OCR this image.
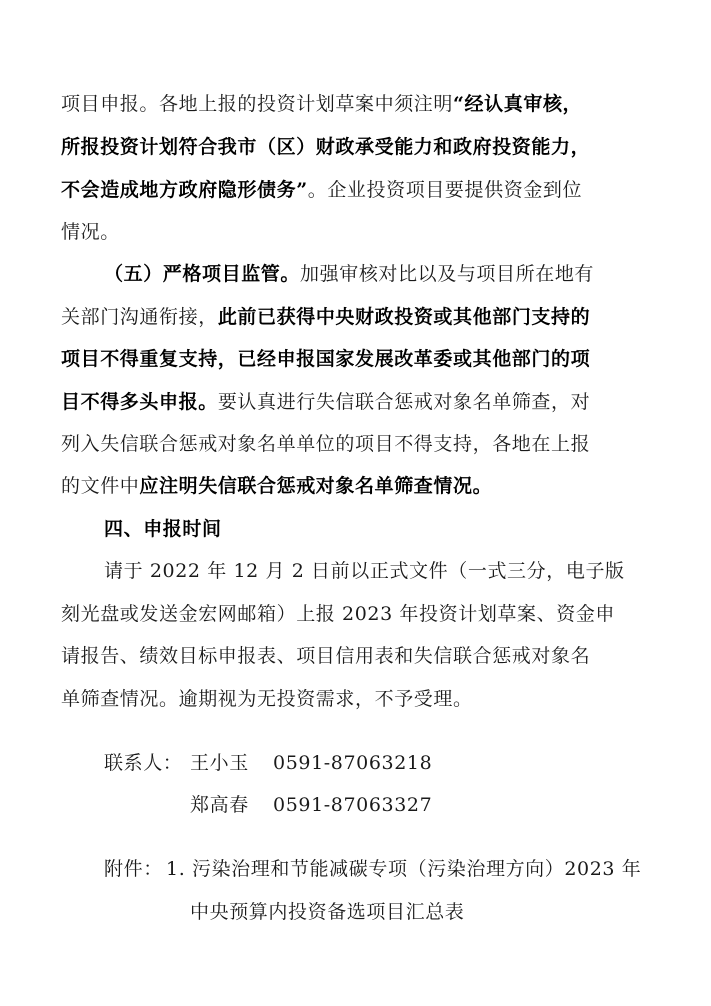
项目申报。各地上报的投资计划草案中须注明“经认真审核，
所报投资计划符合我市（区）财政承受能力和政府投资能力，
不会造成地方政府隐形债务”。企业投资项目要提供资金到位
情况。
（五）严格项目监管。加强审核对比以及与项目所在地有
关部门沟通衔接，此前已获得中央财政投资或其他部门支持的
项目不得重复支持，已经申报国家发展改革委或其他部门的项
目不得多头申报。要认真进行失信联合惩戒对象名单筛查，对
列入失信联合惩戒对象名单单位的项目不得支持，各地在上报
的文件中应注明失信联合惩戒对象名单筛查情况。
四、申报时间
请于 2022 年 12 月 2 日前以正式文件（一式三分，电子版
刻光盘或发送金宏网邮箱）上报 2023 年投资计划草案、资金申
请报告、绩效目标申报表、项目信用表和失信联合惩戒对象名
单筛查情况。逾期视为无投资需求，不予受理。
联系人： 王小玉 0591-87063218
郑高春 0591-87063327
附件： 1. 污染治理和节能减碳专项（污染治理方向）2023 年
中央预算内投资备选项目汇总表
